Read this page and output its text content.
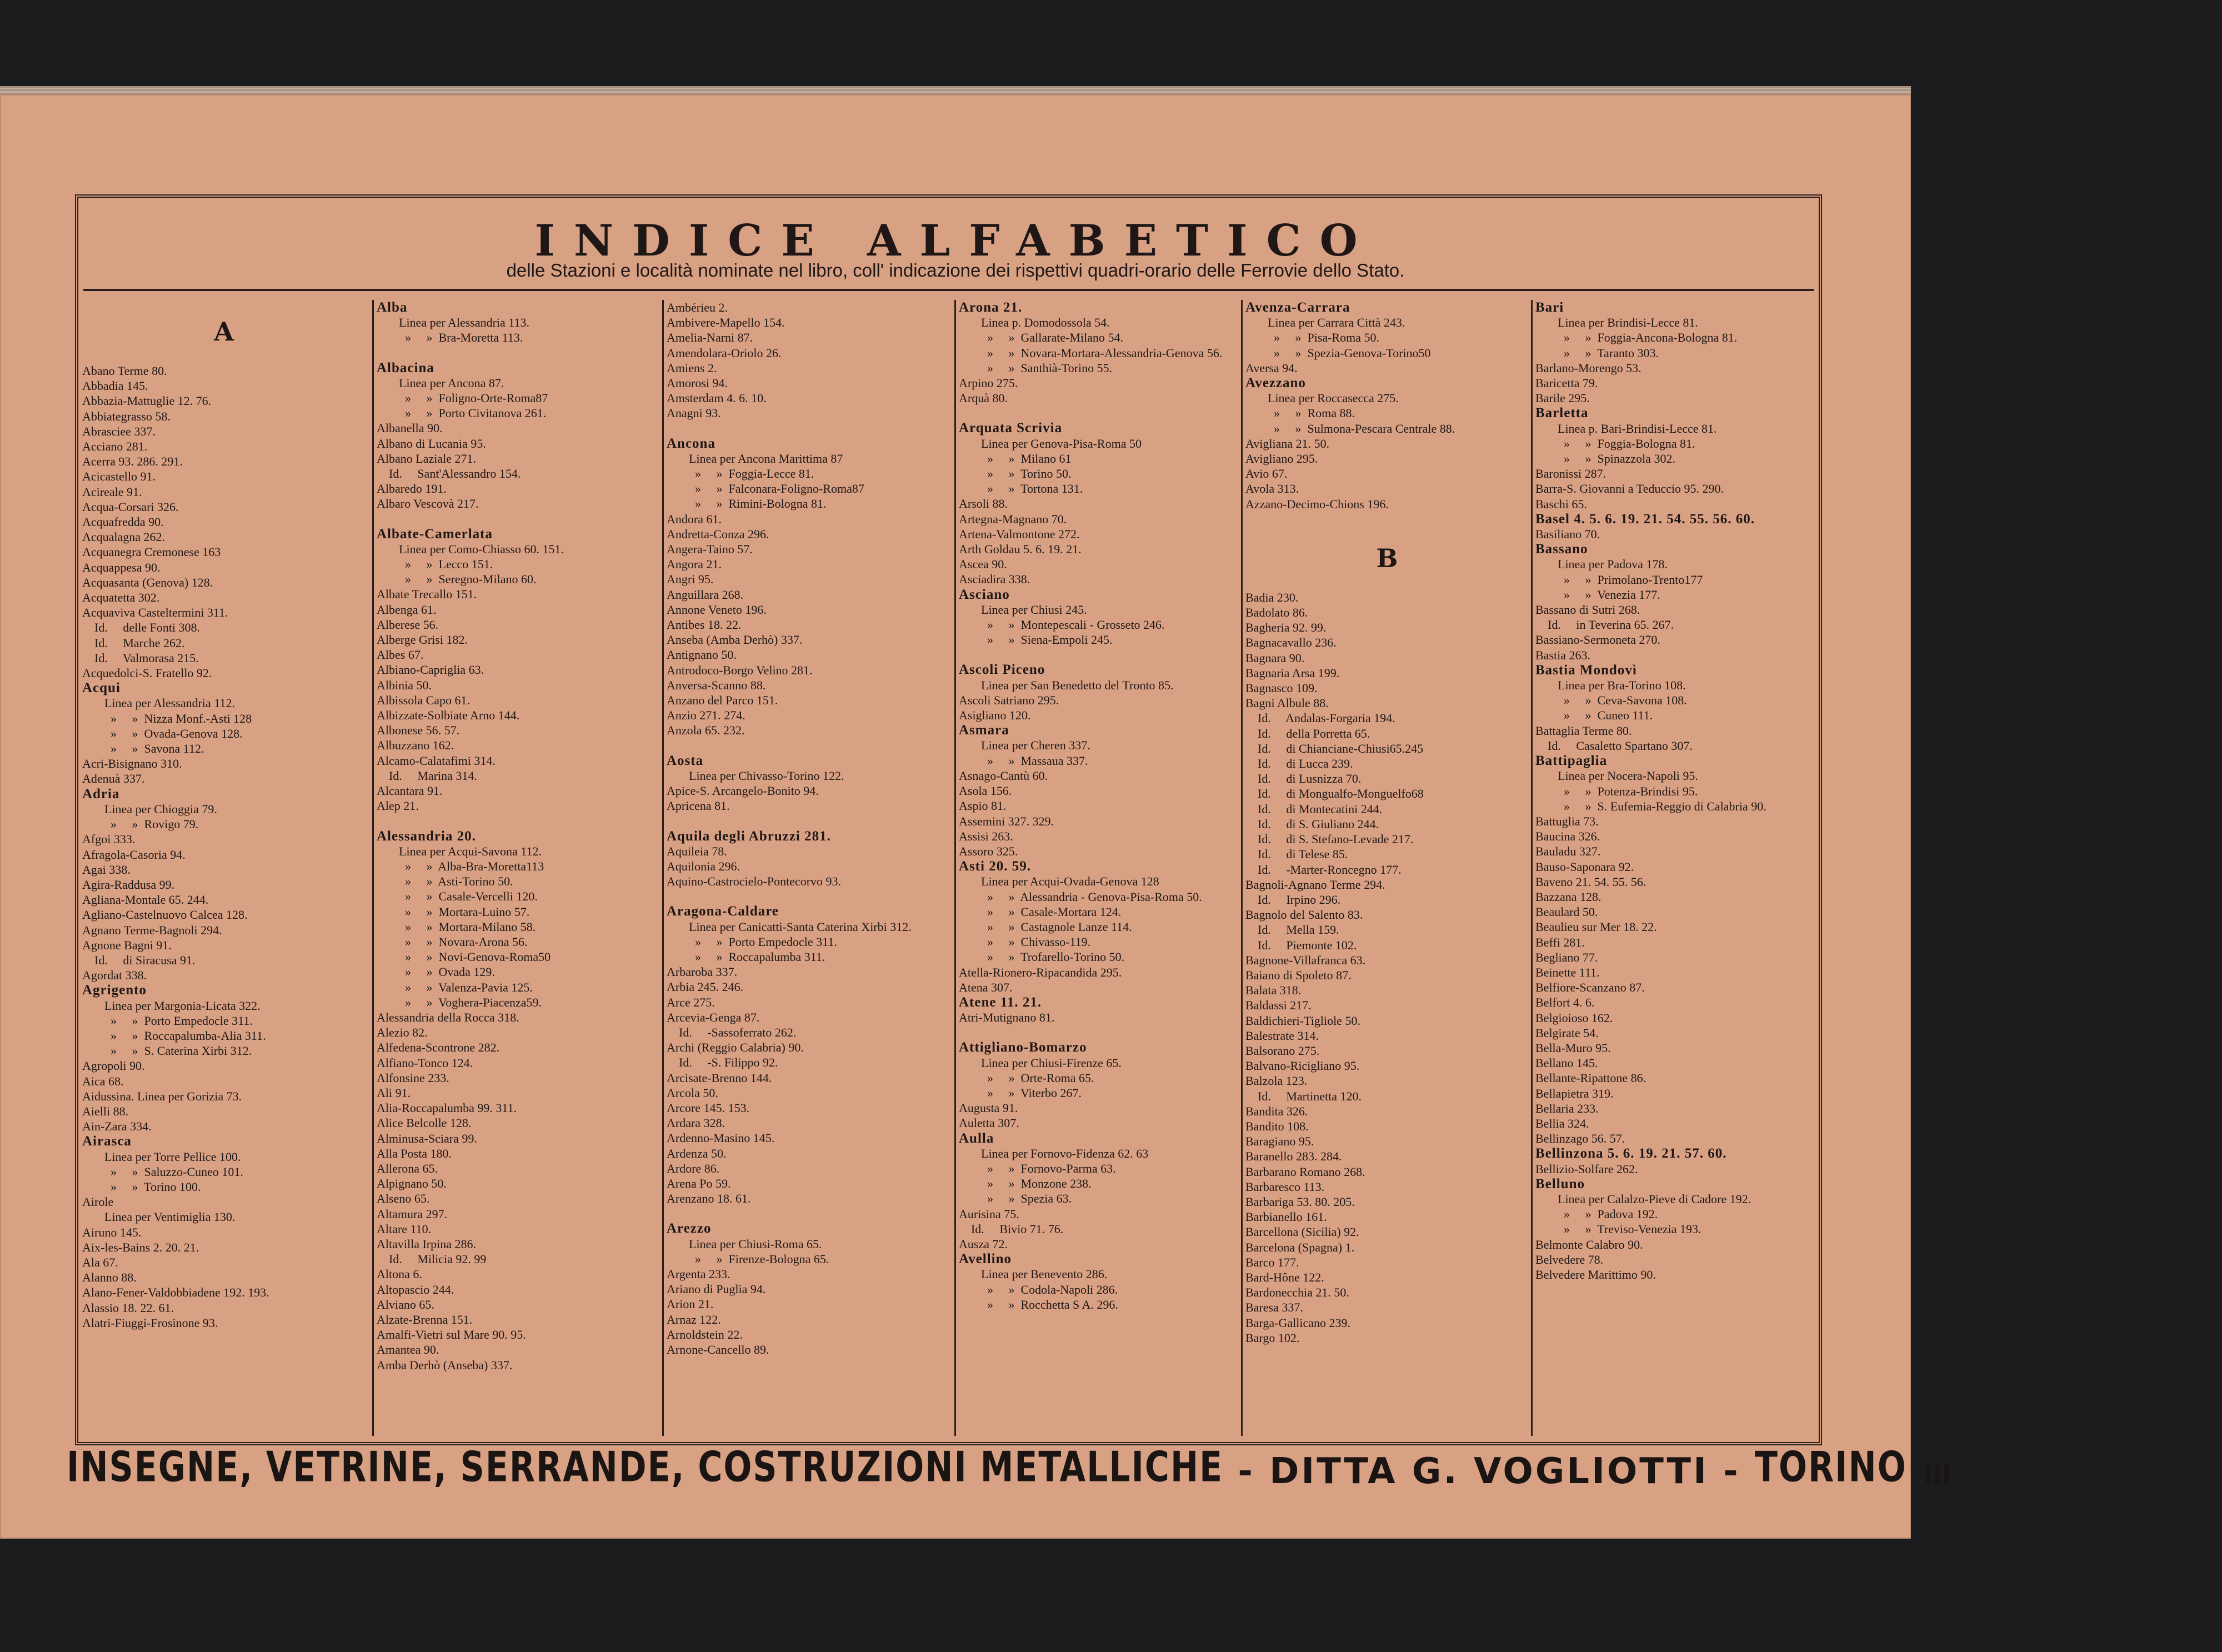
INDICE ALFABETICO
delle Stazioni e località nominate nel libro, coll' indicazione dei rispettivi quadri-orario delle Ferrovie dello Stato.
A
Abano Terme 80.
Abbadia 145.
Abbazia-Mattuglie 12. 76.
Abbiategrasso 58.
Abrasciee 337.
Acciano 281.
Acerra 93. 286. 291.
Acicastello 91.
Acireale 91.
Acqua-Corsari 326.
Acquafredda 90.
Acqualagna 262.
Acquanegra Cremonese 163
Acquappesa 90.
Acquasanta (Genova) 128.
Acquatetta 302.
Acquaviva Casteltermini 311.
Id.     delle Fonti 308.
Id.     Marche 262.
Id.     Valmorasa 215.
Acquedolci-S. Fratello 92.
Acqui
Linea per Alessandria 112.
»     »  Nizza Monf.-Asti 128
»     »  Ovada-Genova 128.
»     »  Savona 112.
Acri-Bisignano 310.
Adenuà 337.
Adria
Linea per Chioggia 79.
»     »  Rovigo 79.
Afgoi 333.
Afragola-Casoria 94.
Agai 338.
Agira-Raddusa 99.
Agliana-Montale 65. 244.
Agliano-Castelnuovo Calcea 128.
Agnano Terme-Bagnoli 294.
Agnone Bagni 91.
Id.     di Siracusa 91.
Agordat 338.
Agrigento
Linea per Margonia-Licata 322.
»     »  Porto Empedocle 311.
»     »  Roccapalumba-Alia 311.
»     »  S. Caterina Xirbi 312.
Agropoli 90.
Aica 68.
Aidussina. Linea per Gorizia 73.
Aielli 88.
Ain-Zara 334.
Airasca
Linea per Torre Pellice 100.
»     »  Saluzzo-Cuneo 101.
»     »  Torino 100.
Airole
Linea per Ventimiglia 130.
Airuno 145.
Aix-les-Bains 2. 20. 21.
Ala 67.
Alanno 88.
Alano-Fener-Valdobbiadene 192. 193.
Alassio 18. 22. 61.
Alatri-Fiuggi-Frosinone 93.
Alba
Linea per Alessandria 113.
»     »  Bra-Moretta 113.
Albacina
Linea per Ancona 87.
»     »  Foligno-Orte-Roma87
»     »  Porto Civitanova 261.
Albanella 90.
Albano di Lucania 95.
Albano Laziale 271.
Id.     Sant'Alessandro 154.
Albaredo 191.
Albaro Vescovà 217.
Albate-Camerlata
Linea per Como-Chiasso 60. 151.
»     »  Lecco 151.
»     »  Seregno-Milano 60.
Albate Trecallo 151.
Albenga 61.
Alberese 56.
Alberge Grisi 182.
Albes 67.
Albiano-Capriglia 63.
Albinia 50.
Albissola Capo 61.
Albizzate-Solbiate Arno 144.
Albonese 56. 57.
Albuzzano 162.
Alcamo-Calatafimi 314.
Id.     Marina 314.
Alcantara 91.
Alep 21.
Alessandria 20.
Linea per Acqui-Savona 112.
»     »  Alba-Bra-Moretta113
»     »  Asti-Torino 50.
»     »  Casale-Vercelli 120.
»     »  Mortara-Luino 57.
»     »  Mortara-Milano 58.
»     »  Novara-Arona 56.
»     »  Novi-Genova-Roma50
»     »  Ovada 129.
»     »  Valenza-Pavia 125.
»     »  Voghera-Piacenza59.
Alessandria della Rocca 318.
Alezio 82.
Alfedena-Scontrone 282.
Alfiano-Tonco 124.
Alfonsine 233.
Ali 91.
Alia-Roccapalumba 99. 311.
Alice Belcolle 128.
Alminusa-Sciara 99.
Alla Posta 180.
Allerona 65.
Alpignano 50.
Alseno 65.
Altamura 297.
Altare 110.
Altavilla Irpina 286.
Id.     Milicia 92. 99
Altona 6.
Altopascio 244.
Alviano 65.
Alzate-Brenna 151.
Amalfi-Vietri sul Mare 90. 95.
Amantea 90.
Amba Derhò (Anseba) 337.
Ambérieu 2.
Ambivere-Mapello 154.
Amelia-Narni 87.
Amendolara-Oriolo 26.
Amiens 2.
Amorosi 94.
Amsterdam 4. 6. 10.
Anagni 93.
Ancona
Linea per Ancona Marittima 87
»     »  Foggia-Lecce 81.
»     »  Falconara-Foligno-Roma87
»     »  Rimini-Bologna 81.
Andora 61.
Andretta-Conza 296.
Angera-Taino 57.
Angora 21.
Angri 95.
Anguillara 268.
Annone Veneto 196.
Antibes 18. 22.
Anseba (Amba Derhò) 337.
Antignano 50.
Antrodoco-Borgo Velino 281.
Anversa-Scanno 88.
Anzano del Parco 151.
Anzio 271. 274.
Anzola 65. 232.
Aosta
Linea per Chivasso-Torino 122.
Apice-S. Arcangelo-Bonito 94.
Apricena 81.
Aquila degli Abruzzi 281.
Aquileia 78.
Aquilonia 296.
Aquino-Castrocielo-Pontecorvo 93.
Aragona-Caldare
Linea per Canicatti-Santa Caterina Xirbi 312.
»     »  Porto Empedocle 311.
»     »  Roccapalumba 311.
Arbaroba 337.
Arbia 245. 246.
Arce 275.
Arcevia-Genga 87.
Id.     -Sassoferrato 262.
Archi (Reggio Calabria) 90.
Id.     -S. Filippo 92.
Arcisate-Brenno 144.
Arcola 50.
Arcore 145. 153.
Ardara 328.
Ardenno-Masino 145.
Ardenza 50.
Ardore 86.
Arena Po 59.
Arenzano 18. 61.
Arezzo
Linea per Chiusi-Roma 65.
»     »  Firenze-Bologna 65.
Argenta 233.
Ariano di Puglia 94.
Arion 21.
Arnaz 122.
Arnoldstein 22.
Arnone-Cancello 89.
Arona 21.
Linea p. Domodossola 54.
»     »  Gallarate-Milano 54.
»     »  Novara-Mortara-Alessandria-Genova 56.
»     »  Santhià-Torino 55.
Arpino 275.
Arquà 80.
Arquata Scrivia
Linea per Genova-Pisa-Roma 50
»     »  Milano 61
»     »  Torino 50.
»     »  Tortona 131.
Arsoli 88.
Artegna-Magnano 70.
Artena-Valmontone 272.
Arth Goldau 5. 6. 19. 21.
Ascea 90.
Asciadira 338.
Asciano
Linea per Chiusi 245.
»     »  Montepescali - Grosseto 246.
»     »  Siena-Empoli 245.
Ascoli Piceno
Linea per San Benedetto del Tronto 85.
Ascoli Satriano 295.
Asigliano 120.
Asmara
Linea per Cheren 337.
»     »  Massaua 337.
Asnago-Cantù 60.
Asola 156.
Aspio 81.
Assemini 327. 329.
Assisi 263.
Assoro 325.
Asti 20. 59.
Linea per Acqui-Ovada-Genova 128
»     »  Alessandria - Genova-Pisa-Roma 50.
»     »  Casale-Mortara 124.
»     »  Castagnole Lanze 114.
»     »  Chivasso-119.
»     »  Trofarello-Torino 50.
Atella-Rionero-Ripacandida 295.
Atena 307.
Atene 11. 21.
Atri-Mutignano 81.
Attigliano-Bomarzo
Linea per Chiusi-Firenze 65.
»     »  Orte-Roma 65.
»     »  Viterbo 267.
Augusta 91.
Auletta 307.
Aulla
Linea per Fornovo-Fidenza 62. 63
»     »  Fornovo-Parma 63.
»     »  Monzone 238.
»     »  Spezia 63.
Aurisina 75.
Id.     Bivio 71. 76.
Ausza 72.
Avellino
Linea per Benevento 286.
»     »  Codola-Napoli 286.
»     »  Rocchetta S A. 296.
Avenza-Carrara
Linea per Carrara Città 243.
»     »  Pisa-Roma 50.
»     »  Spezia-Genova-Torino50
Aversa 94.
Avezzano
Linea per Roccasecca 275.
»     »  Roma 88.
»     »  Sulmona-Pescara Centrale 88.
Avigliana 21. 50.
Avigliano 295.
Avio 67.
Avola 313.
Azzano-Decimo-Chions 196.
B
Badia 230.
Badolato 86.
Bagheria 92. 99.
Bagnacavallo 236.
Bagnara 90.
Bagnaria Arsa 199.
Bagnasco 109.
Bagni Albule 88.
Id.     Andalas-Forgaria 194.
Id.     della Porretta 65.
Id.     di Chianciane-Chiusi65.245
Id.     di Lucca 239.
Id.     di Lusnizza 70.
Id.     di Mongualfo-Monguelfo68
Id.     di Montecatini 244.
Id.     di S. Giuliano 244.
Id.     di S. Stefano-Levade 217.
Id.     di Telese 85.
Id.     -Marter-Roncegno 177.
Bagnoli-Agnano Terme 294.
Id.     Irpino 296.
Bagnolo del Salento 83.
Id.     Mella 159.
Id.     Piemonte 102.
Bagnone-Villafranca 63.
Baiano di Spoleto 87.
Balata 318.
Baldassi 217.
Baldichieri-Tigliole 50.
Balestrate 314.
Balsorano 275.
Balvano-Ricigliano 95.
Balzola 123.
Id.     Martinetta 120.
Bandita 326.
Bandito 108.
Baragiano 95.
Baranello 283. 284.
Barbarano Romano 268.
Barbaresco 113.
Barbariga 53. 80. 205.
Barbianello 161.
Barcellona (Sicilia) 92.
Barcelona (Spagna) 1.
Barco 177.
Bard-Hône 122.
Bardonecchia 21. 50.
Baresa 337.
Barga-Gallicano 239.
Bargo 102.
Bari
Linea per Brindisi-Lecce 81.
»     »  Foggia-Ancona-Bologna 81.
»     »  Taranto 303.
Barlano-Morengo 53.
Baricetta 79.
Barile 295.
Barletta
Linea p. Bari-Brindisi-Lecce 81.
»     »  Foggia-Bologna 81.
»     »  Spinazzola 302.
Baronissi 287.
Barra-S. Giovanni a Teduccio 95. 290.
Baschi 65.
Basel 4. 5. 6. 19. 21. 54. 55. 56. 60.
Basiliano 70.
Bassano
Linea per Padova 178.
»     »  Primolano-Trento177
»     »  Venezia 177.
Bassano di Sutri 268.
Id.     in Teverina 65. 267.
Bassiano-Sermoneta 270.
Bastia 263.
Bastia Mondovì
Linea per Bra-Torino 108.
»     »  Ceva-Savona 108.
»     »  Cuneo 111.
Battaglia Terme 80.
Id.     Casaletto Spartano 307.
Battipaglia
Linea per Nocera-Napoli 95.
»     »  Potenza-Brindisi 95.
»     »  S. Eufemia-Reggio di Calabria 90.
Battuglia 73.
Baucina 326.
Bauladu 327.
Bauso-Saponara 92.
Baveno 21. 54. 55. 56.
Bazzana 128.
Beaulard 50.
Beaulieu sur Mer 18. 22.
Beffi 281.
Begliano 77.
Beinette 111.
Belfiore-Scanzano 87.
Belfort 4. 6.
Belgioioso 162.
Belgirate 54.
Bella-Muro 95.
Bellano 145.
Bellante-Ripattone 86.
Bellapietra 319.
Bellaria 233.
Bellia 324.
Bellinzago 56. 57.
Bellinzona 5. 6. 19. 21. 57. 60.
Bellizio-Solfare 262.
Belluno
Linea per Calalzo-Pieve di Cadore 192.
»     »  Padova 192.
»     »  Treviso-Venezia 193.
Belmonte Calabro 90.
Belvedere 78.
Belvedere Marittimo 90.
INSEGNE, VETRINE, SERRANDE, COSTRUZIONI METALLICHE - DITTA G. VOGLIOTTI - TORINO III
